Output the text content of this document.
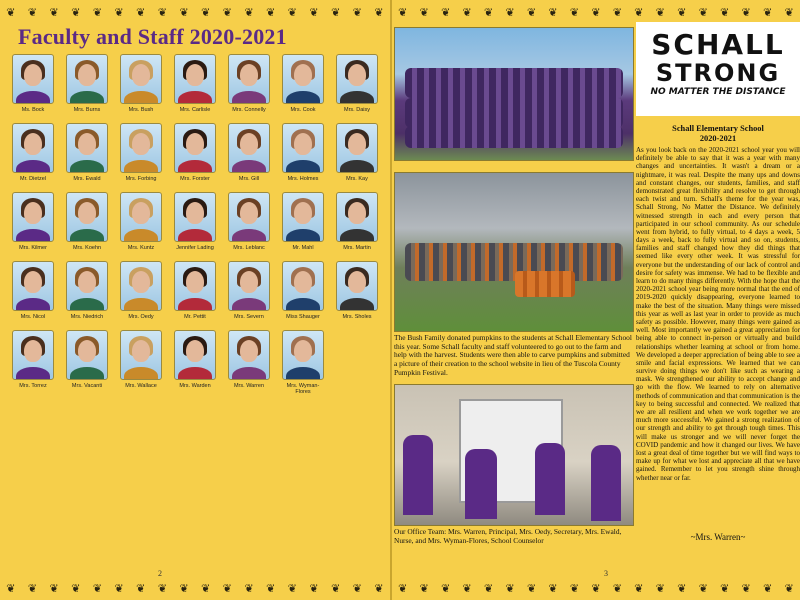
❦ ❦ ❦ ❦ ❦ ❦ ❦ ❦ ❦ ❦ ❦ ❦ ❦ ❦ ❦ ❦ ❦ ❦
Faculty and Staff 2020-2021
Ms. Bock	Mrs. Burns	Mrs. Bush	Mrs. Carlisle	Mrs. Connelly	Mrs. Cook	Mrs. Daisy
Mr. Dietzel	Mrs. Ewald	Mrs. Forbing	Mrs. Forster	Mrs. Gill	Mrs. Holmes	Mrs. Kay
Mrs. Kilmer	Mrs. Koehn	Mrs. Kuntz	Jennifer Lading	Mrs. Leblanc	Mr. Mahl	Mrs. Martin
Mrs. Nicol	Mrs. Niedrich	Mrs. Oedy	Mr. Pettit	Mrs. Severn	Miss Shauger	Mrs. Sholes
Mrs. Torrez	Mrs. Vacanti	Mrs. Wallace	Mrs. Warden	Mrs. Warren	Mrs. Wyman-Flores
2
❦ ❦ ❦ ❦ ❦ ❦ ❦ ❦ ❦ ❦ ❦ ❦ ❦ ❦ ❦ ❦ ❦ ❦
❦ ❦ ❦ ❦ ❦ ❦ ❦ ❦ ❦ ❦ ❦ ❦ ❦ ❦ ❦ ❦ ❦ ❦ ❦
The Bush Family donated pumpkins to the students at Schall Elementary School this year. Some Schall faculty and staff volunteered to go out to the farm and help with the harvest. Students were then able to carve pumpkins and submitted a picture of their creation to the school website in lieu of the Tuscola County Pumpkin Festival.
Our Office Team: Mrs. Warren, Principal, Mrs. Oedy, Secretary, Mrs. Ewald, Nurse, and Mrs. Wyman-Flores, School Counselor
SCHALL
STRONG
NO MATTER THE DISTANCE
Schall Elementary School
2020-2021
As you look back on the 2020-2021 school year you will definitely be able to say that it was a year with many changes and uncertainties. It wasn't a dream or a nightmare, it was real. Despite the many ups and downs and constant changes, our students, families, and staff demonstrated great flexibility and resolve to get through each twist and turn. Schall's theme for the year was, Schall Strong, No Matter the Distance. We definitely witnessed strength in each and every person that participated in our school community. As our schedule went from hybrid, to fully virtual, to 4 days a week, 5 days a week, back to fully virtual and so on, students, families and staff changed how they did things that seemed like every other week. It was stressful for everyone but the understanding of our lack of control and desire for safety was immense. We had to be flexible and learn to do many things differently. With the hope that the 2020-2021 school year being more normal that the end of 2019-2020 quickly disappearing, everyone learned to make the best of the situation. Many things were missed this year as well as last year in order to provide as much safety as possible. However, many things were gained as well. Most importantly we gained a great appreciation for being able to connect in-person or virtually and build relationships whether learning at school or from home. We developed a deeper appreciation of being able to see a smile and facial expressions. We learned that we can survive doing things we don't like such as wearing a mask. We strengthened our ability to accept change and go with the flow. We learned to rely on alternative methods of communication and that communication is the key to being successful and connected. We realized that we are all resilient and when we work together we are much more successful. We gained a strong realization of our strength and ability to get through tough times. This will make us stronger and we will never forget the COVID pandemic and how it changed our lives. We have lost a great deal of time together but we will find ways to make up for what we lost and appreciate all that we have gained. Remember to let you strength shine through whether near or far.
~Mrs. Warren~
3
❦ ❦ ❦ ❦ ❦ ❦ ❦ ❦ ❦ ❦ ❦ ❦ ❦ ❦ ❦ ❦ ❦ ❦ ❦
